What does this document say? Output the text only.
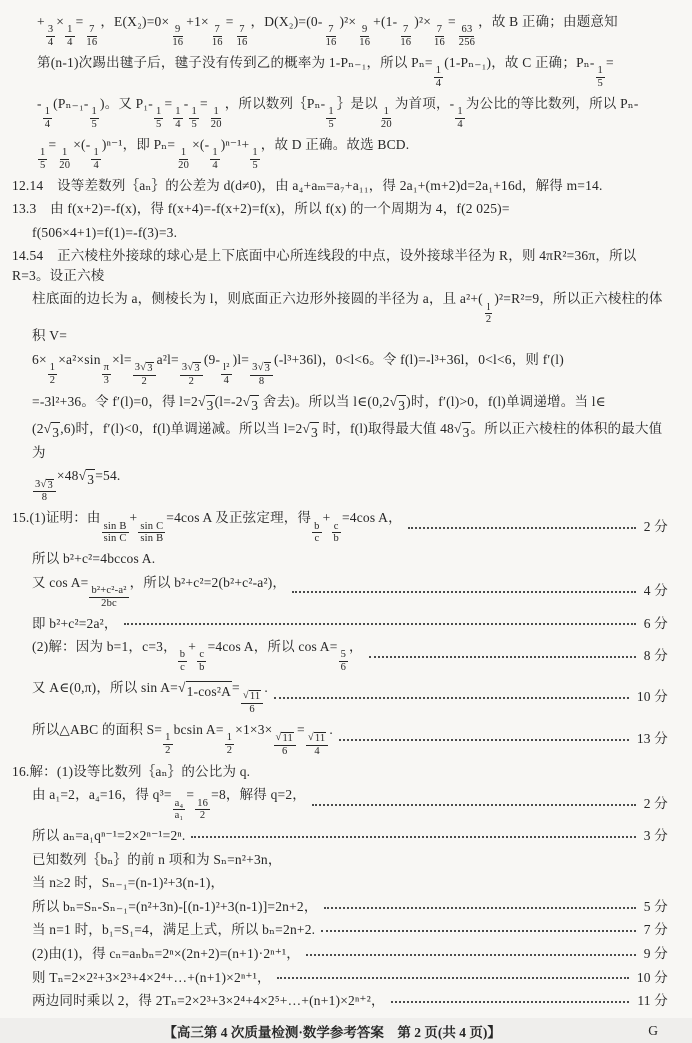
+
$\frac{3}{4}$
×
$\frac{1}{4}$
=
$\frac{7}{16}$
，E(X₂)=0×
$\frac{9}{16}$
+1×
$\frac{7}{16}$
=
$\frac{7}{16}$
，D(X₂)=(0-
$\frac{7}{16}$
)²×
$\frac{9}{16}$
+(1-
$\frac{7}{16}$
)²×
$\frac{7}{16}$
=
$\frac{63}{256}$
，故 B 正确；由题意知
第(n-1)次踢出毽子后，毽子没有传到乙的概率为 1-Pₙ₋₁，所以 Pₙ=
$\frac{1}{4}$
(1-Pₙ₋₁)，故 C 正确；Pₙ-
$\frac{1}{5}$
=
-
$\frac{1}{4}$
(Pₙ₋₁-
$\frac{1}{5}$
)。又 P₁-
$\frac{1}{5}$
=
$\frac{1}{4}$
-
$\frac{1}{5}$
=
$\frac{1}{20}$
，所以数列｛Pₙ-
$\frac{1}{5}$
｝是以
$\frac{1}{20}$
为首项，-
$\frac{1}{4}$
为公比的等比数列，所以 Pₙ-
$\frac{1}{5}$
=
$\frac{1}{20}$
×(-
$\frac{1}{4}$
)ⁿ⁻¹，即 Pₙ=
$\frac{1}{20}$
×(-
$\frac{1}{4}$
)ⁿ⁻¹+
$\frac{1}{5}$
，故 D 正确。故选 BCD.
12.14　设等差数列｛aₙ｝的公差为 d(d≠0)，由 a₄+aₘ=a₇+a₁₁，得 2a₁+(m+2)d=2a₁+16d，解得 m=14.
13.3　由 f(x+2)=-f(x)，得 f(x+4)=-f(x+2)=f(x)，所以 f(x) 的一个周期为 4，f(2 025)=
f(506×4+1)=f(1)=-f(3)=3.
14.54　正六棱柱外接球的球心是上下底面中心所连线段的中点，设外接球半径为 R，则 4πR²=36π，所以 R=3。设正六棱
柱底面的边长为 a，侧棱长为 l，则底面正六边形外接圆的半径为 a，且 a²+(
$\frac{l}{2}$
)²=R²=9，所以正六棱柱的体积 V=
6×
$\frac{1}{2}$
×a²×sin
$\frac{\pi}{3}$
×l=
$\frac{3 √ 3}{2}$
a²l=
$\frac{3 √ 3}{2}$
(9-
$\frac{\text{l²}}{4}$
)l=
$\frac{3 √ 3}{8}$
(-l³+36l)，0<l<6。令 f(l)=-l³+36l，0<l<6，则 f′(l)
=-3l²+36。令 f′(l)=0，得 l=2 √ 3 (l=-2 √ 3 舍去)。所以当 l∈(0,2 √ 3 )时，f′(l)>0，f(l)单调递增。当 l∈
(2 √ 3 ,6)时，f′(l)<0，f(l)单调递减。所以当 l=2 √ 3 时，f(l)取得最大值 48 √ 3 。所以正六棱柱的体积的最大值为
$\frac{3 √ 3}{8}$
×48 √ 3 =54.
15.(1)证明：由
$\frac{\text{sin B}}{\text{sin C}}$
+
$\frac{\text{sin C}}{\text{sin B}}$
=4cos A 及正弦定理，得
$\frac{b}{c}$
+
$\frac{c}{b}$
=4cos A，
2 分
所以 b²+c²=4bccos A.
又 cos A=
$\frac{\text{b²+c²-a²}}{2bc}$
，所以 b²+c²=2(b²+c²-a²)，
4 分
即 b²+c²=2a²，	6 分
(2)解：因为 b=1，c=3，
$\frac{b}{c}$
+
$\frac{c}{b}$
=4cos A，所以 cos A=
$\frac{5}{6}$
，
8 分
又 A∈(0,π)，所以 sin A= √ 1-cos²A =
$\frac{√ 11}{6}$
.
10 分
所以△ABC 的面积 S=
$\frac{1}{2}$
bcsin A=
$\frac{1}{2}$
×1×3×
$\frac{√ 11}{6}$
=
$\frac{√ 11}{4}$
.
13 分
16.解：(1)设等比数列｛aₙ｝的公比为 q.
由 a₁=2，a₄=16，得 q³=
$\frac{\text{a₄}}{\text{a₁}}$
=
$\frac{16}{2}$
=8，解得 q=2，
2 分
所以 aₙ=a₁qⁿ⁻¹=2×2ⁿ⁻¹=2ⁿ.	3 分
已知数列｛bₙ｝的前 n 项和为 Sₙ=n²+3n，
当 n≥2 时，Sₙ₋₁=(n-1)²+3(n-1)，
所以 bₙ=Sₙ-Sₙ₋₁=(n²+3n)-[(n-1)²+3(n-1)]=2n+2，	5 分
当 n=1 时，b₁=S₁=4，满足上式，所以 bₙ=2n+2.	7 分
(2)由(1)，得 cₙ=aₙbₙ=2ⁿ×(2n+2)=(n+1)·2ⁿ⁺¹，	9 分
则 Tₙ=2×2²+3×2³+4×2⁴+…+(n+1)×2ⁿ⁺¹，	10 分
两边同时乘以 2，得 2Tₙ=2×2³+3×2⁴+4×2⁵+…+(n+1)×2ⁿ⁺²，	11 分
【高三第 4 次质量检测·数学参考答案　第 2 页(共 4 页)】	G
